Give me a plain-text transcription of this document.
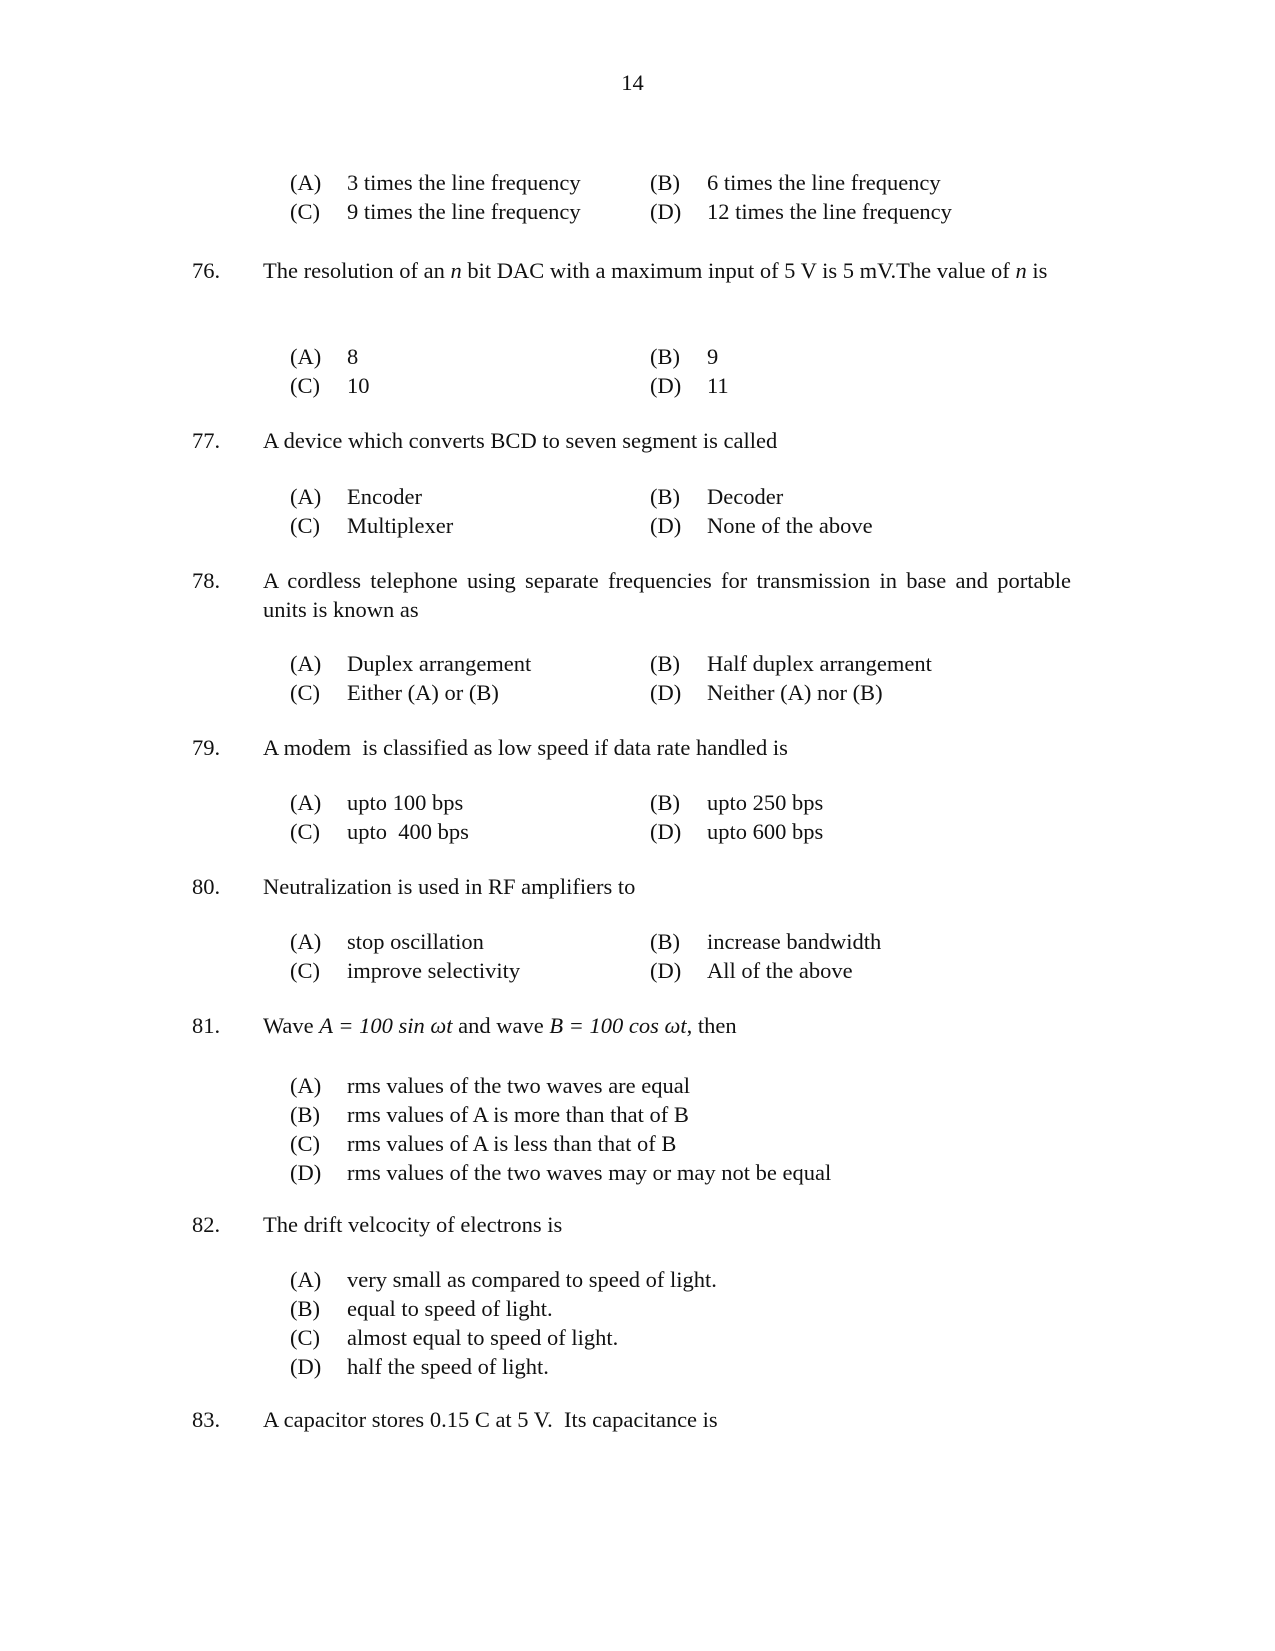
14
(A)	3 times the line frequency	(B)	6 times the line frequency
(C)	9 times the line frequency	(D)	12 times the line frequency
76.	The resolution of an n bit DAC with a maximum input of 5 V is 5 mV.The value of n is
(A)	8	(B)	9
(C)	10	(D)	11
77.	A device which converts BCD to seven segment is called
(A)	Encoder	(B)	Decoder
(C)	Multiplexer	(D)	None of the above
78.	A cordless telephone using separate frequencies for transmission in base and portable units is known as
(A)	Duplex arrangement	(B)	Half duplex arrangement
(C)	Either (A) or (B)	(D)	Neither (A) nor (B)
79.	A modem  is classified as low speed if data rate handled is
(A)	upto 100 bps	(B)	upto 250 bps
(C)	upto  400 bps	(D)	upto 600 bps
80.	Neutralization is used in RF amplifiers to
(A)	stop oscillation	(B)	increase bandwidth
(C)	improve selectivity	(D)	All of the above
81.	Wave A = 100 sin ωt and wave B = 100 cos ωt, then
(A)	rms values of the two waves are equal
(B)	rms values of A is more than that of B
(C)	rms values of A is less than that of B
(D)	rms values of the two waves may or may not be equal
82.	The drift velcocity of electrons is
(A)	very small as compared to speed of light.
(B)	equal to speed of light.
(C)	almost equal to speed of light.
(D)	half the speed of light.
83.	A capacitor stores 0.15 C at 5 V.  Its capacitance is
